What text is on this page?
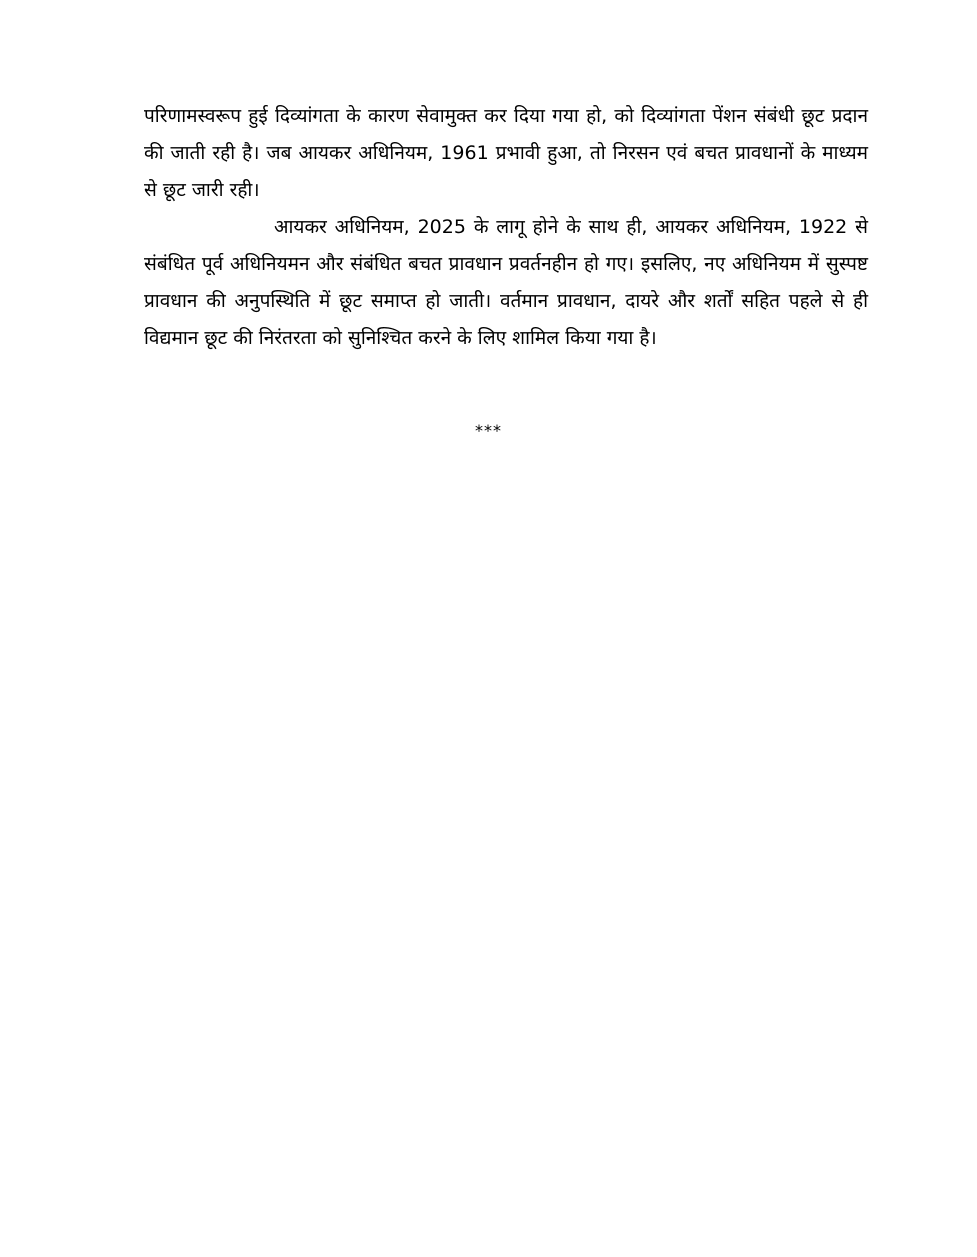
परिणामस्वरूप हुई दिव्यांगता के कारण सेवामुक्त कर दिया गया हो, को दिव्यांगता पेंशन संबंधी छूट प्रदान की जाती रही है। जब आयकर अधिनियम, 1961 प्रभावी हुआ, तो निरसन एवं बचत प्रावधानों के माध्यम से छूट जारी रही।

आयकर अधिनियम, 2025 के लागू होने के साथ ही, आयकर अधिनियम, 1922 से संबंधित पूर्व अधिनियमन और संबंधित बचत प्रावधान प्रवर्तनहीन हो गए। इसलिए, नए अधिनियम में सुस्पष्ट प्रावधान की अनुपस्थिति में छूट समाप्त हो जाती। वर्तमान प्रावधान, दायरे और शर्तों सहित पहले से ही विद्यमान छूट की निरंतरता को सुनिश्चित करने के लिए शामिल किया गया है।

***
